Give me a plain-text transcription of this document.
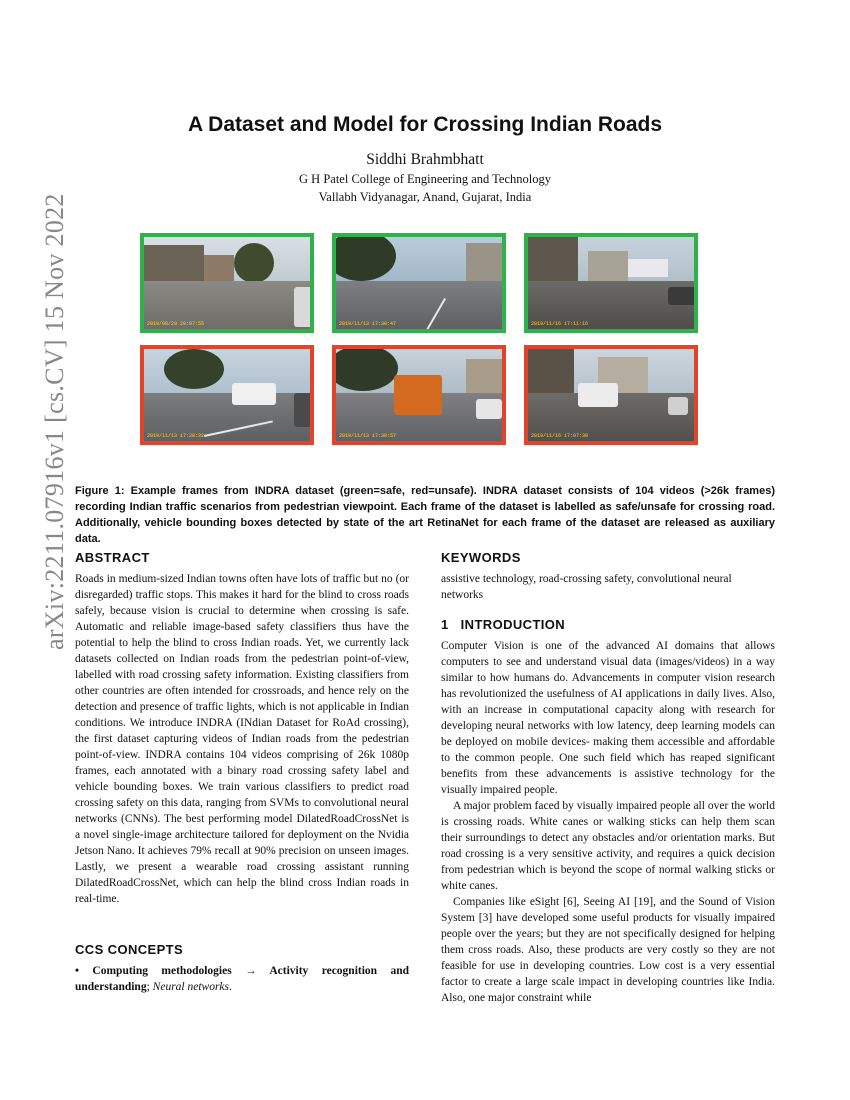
arXiv:2211.07916v1 [cs.CV] 15 Nov 2022
A Dataset and Model for Crossing Indian Roads
Siddhi Brahmbhatt
G H Patel College of Engineering and Technology
Vallabh Vidyanagar, Anand, Gujarat, India
2019/08/29 20:07:55	2019/11/13 17:30:47	2019/11/16 17:11:16
2019/11/13 17:28:32	2019/11/13 17:30:57	2019/11/16 17:07:30
Figure 1: Example frames from INDRA dataset (green=safe, red=unsafe). INDRA dataset consists of 104 videos (>26k frames) recording Indian traffic scenarios from pedestrian viewpoint. Each frame of the dataset is labelled as safe/unsafe for crossing road. Additionally, vehicle bounding boxes detected by state of the art RetinaNet for each frame of the dataset are released as auxiliary data.
ABSTRACT

Roads in medium-sized Indian towns often have lots of traffic but no (or disregarded) traffic stops. This makes it hard for the blind to cross roads safely, because vision is crucial to determine when crossing is safe. Automatic and reliable image-based safety classifiers thus have the potential to help the blind to cross Indian roads. Yet, we currently lack datasets collected on Indian roads from the pedestrian point-of-view, labelled with road crossing safety information. Existing classifiers from other countries are often intended for crossroads, and hence rely on the detection and presence of traffic lights, which is not applicable in Indian conditions. We introduce INDRA (INdian Dataset for RoAd crossing), the first dataset capturing videos of Indian roads from the pedestrian point-of-view. INDRA contains 104 videos comprising of 26k 1080p frames, each annotated with a binary road crossing safety label and vehicle bounding boxes. We train various classifiers to predict road crossing safety on this data, ranging from SVMs to convolutional neural networks (CNNs). The best performing model DilatedRoadCrossNet is a novel single-image architecture tailored for deployment on the Nvidia Jetson Nano. It achieves 79% recall at 90% precision on unseen images. Lastly, we present a wearable road crossing assistant running DilatedRoadCrossNet, which can help the blind cross Indian roads in real-time.

CCS CONCEPTS

• Computing methodologies → Activity recognition and understanding; Neural networks.

KEYWORDS

assistive technology, road-crossing safety, convolutional neural networks

1 INTRODUCTION

Computer Vision is one of the advanced AI domains that allows computers to see and understand visual data (images/videos) in a way similar to how humans do. Advancements in computer vision research has revolutionized the usefulness of AI applications in daily lives. Also, with an increase in computational capacity along with research for developing neural networks with low latency, deep learning models can be deployed on mobile devices- making them accessible and affordable to the common people. One such field which has reaped significant benefits from these advancements is assistive technology for the visually impaired people.

A major problem faced by visually impaired people all over the world is crossing roads. White canes or walking sticks can help them scan their surroundings to detect any obstacles and/or orientation marks. But road crossing is a very sensitive activity, and requires a quick decision from pedestrian which is beyond the scope of normal walking sticks or white canes.

Companies like eSight [6], Seeing AI [19], and the Sound of Vision System [3] have developed some useful products for visually impaired people over the years; but they are not specifically designed for helping them cross roads. Also, these products are very costly so they are not feasible for use in developing countries. Low cost is a very essential factor to create a large scale impact in developing countries like India. Also, one major constraint while
